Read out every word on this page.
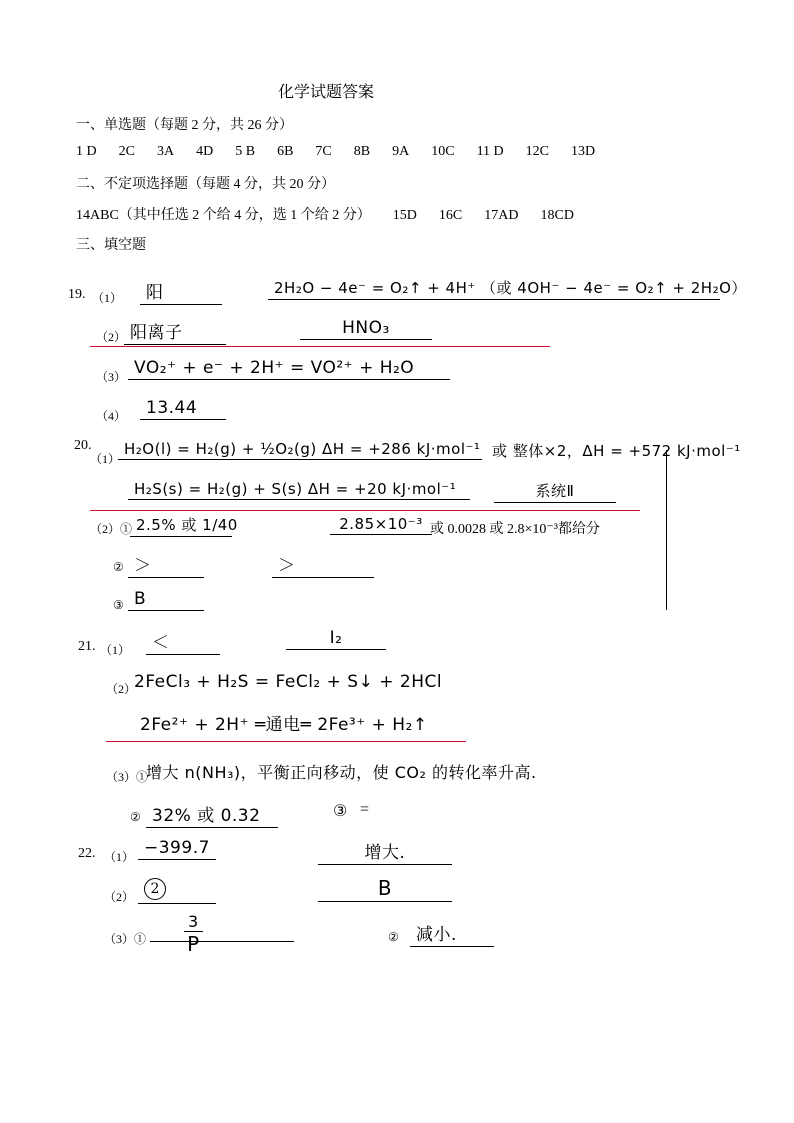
化学试题答案
一、单选题（每题 2 分，共 26 分）
1 D 2C 3A 4D 5 B 6B 7C 8B 9A 10C 11 D 12C 13D
二、不定项选择题（每题 4 分，共 20 分）
14ABC（其中任选 2 个给 4 分，选 1 个给 2 分） 15D 16C 17AD 18CD
三、填空题
19. （1）	阳	2H₂O − 4e⁻ = O₂↑ + 4H⁺ （或 4OH⁻ − 4e⁻ = O₂↑ + 2H₂O）
（2） 阳离子	HNO₃
（3） VO₂⁺ + e⁻ + 2H⁺ = VO²⁺ + H₂O
（4）	13.44
20.
（1）
H₂O(l) = H₂(g) + ½O₂(g) ΔH = +286 kJ·mol⁻¹ 或 整体×2，ΔH = +572 kJ·mol⁻¹
H₂S(s) = H₂(g) + S(s) ΔH = +20 kJ·mol⁻¹	系统Ⅱ
（2）① 2.5% 或 1/40	2.85×10⁻³ 或 0.0028 或 2.8×10⁻³都给分
② ＞	＞
③ B
21. （1）	＜	I₂
（2）
2FeCl₃ + H₂S = FeCl₂ + S↓ + 2HCl
2Fe²⁺ + 2H⁺ ═通电═ 2Fe³⁺ + H₂↑
（3）①
增大 n(NH₃)，平衡正向移动，使 CO₂ 的转化率升高.
② 32% 或 0.32	③ =
22. （1） −399.7	增大.
（2）	2	B
（3）① $\frac{3}{P}$	②	减小.
